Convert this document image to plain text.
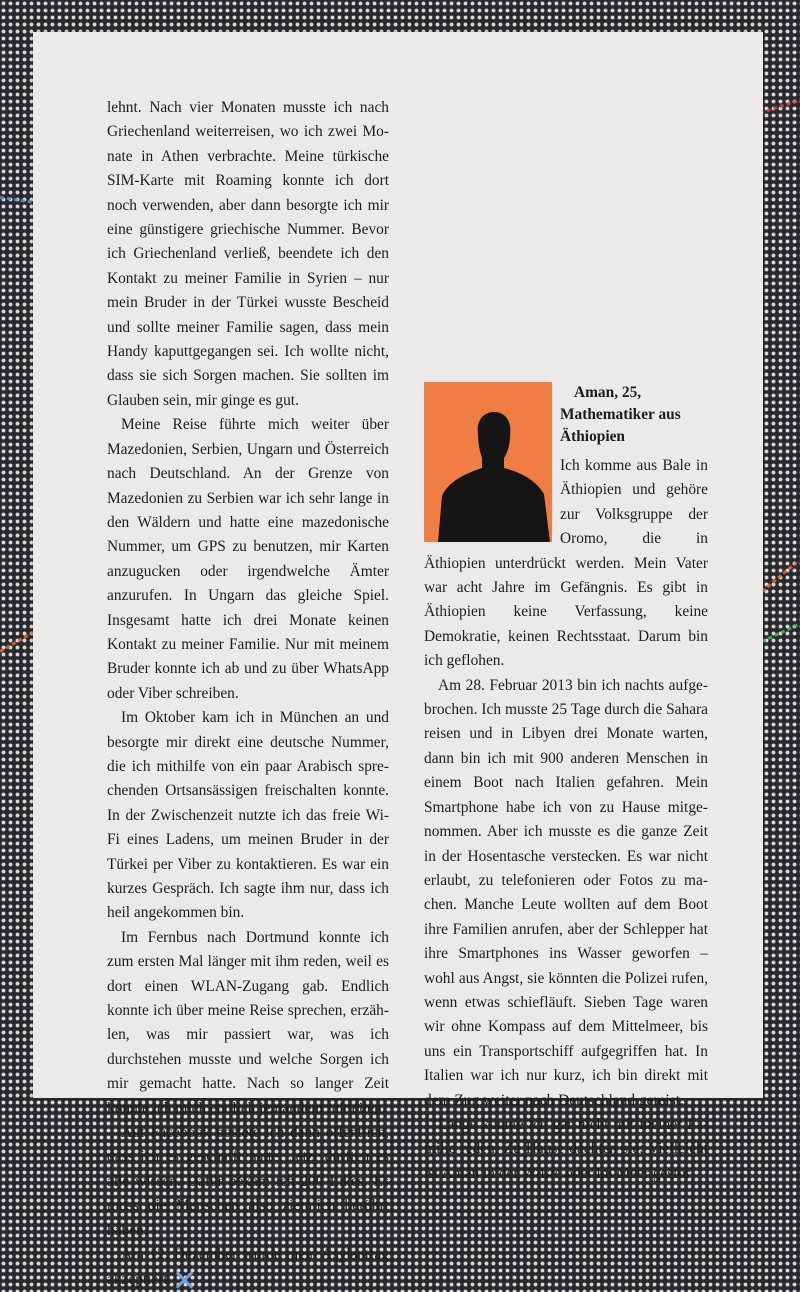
lehnt. Nach vier Monaten musste ich nach Griechenland weiterreisen, wo ich zwei Monate in Athen verbrachte. Meine türkische SIM-Karte mit Roaming konnte ich dort noch verwenden, aber dann besorgte ich mir eine günstigere griechische Nummer. Bevor ich Griechenland verließ, beendete ich den Kontakt zu meiner Familie in Syrien – nur mein Bruder in der Türkei wusste Bescheid und sollte meiner Familie sagen, dass mein Handy kaputtgegangen sei. Ich wollte nicht, dass sie sich Sorgen machen. Sie sollten im Glauben sein, mir ginge es gut.

Meine Reise führte mich weiter über Mazedonien, Serbien, Ungarn und Österreich nach Deutschland. An der Grenze von Mazedonien zu Serbien war ich sehr lange in den Wäldern und hatte eine mazedonische Nummer, um GPS zu benutzen, mir Karten anzugucken oder irgendwelche Ämter anzurufen. In Ungarn das gleiche Spiel. Insgesamt hatte ich drei Monate keinen Kontakt zu meiner Familie. Nur mit meinem Bruder konnte ich ab und zu über WhatsApp oder Viber schreiben.

Im Oktober kam ich in München an und besorgte mir direkt eine deutsche Nummer, die ich mithilfe von ein paar Arabisch sprechenden Ortsansässigen freischalten konnte. In der Zwischenzeit nutzte ich das freie Wi-Fi eines Ladens, um meinen Bruder in der Türkei per Viber zu kontaktieren. Es war ein kurzes Gespräch. Ich sagte ihm nur, dass ich heil angekommen bin.

Im Fernbus nach Dortmund konnte ich zum ersten Mal länger mit ihm reden, weil es dort einen WLAN-Zugang gab. Endlich konnte ich über meine Reise sprechen, erzählen, was mir passiert war, was ich durchstehen musste und welche Sorgen ich mir gemacht hatte. Nach so langer Zeit konnte ich mich endlich jemandem mitteilen.

Auf Facebook postete ich dann öffentlich, dass ich es geschafft hatte. Jetzt durften es alle wissen. Dafür bekam ich 200 Likes. Es muss die Menschen also ziemlich berührt haben.

Am 12. Dezember wurde mein Asylantrag akzeptiert.

Aman, 25,
Mathematiker aus Äthiopien

Ich komme aus Bale in Äthiopien und gehöre zur Volksgruppe der Oromo, die in Äthiopien unterdrückt werden. Mein Vater war acht Jahre im Gefängnis. Es gibt in Äthiopien keine Verfassung, keine Demokratie, keinen Rechtsstaat. Darum bin ich geflohen.

Am 28. Februar 2013 bin ich nachts aufgebrochen. Ich musste 25 Tage durch die Sahara reisen und in Libyen drei Monate warten, dann bin ich mit 900 anderen Menschen in einem Boot nach Italien gefahren. Mein Smartphone habe ich von zu Hause mitgenommen. Aber ich musste es die ganze Zeit in der Hosentasche verstecken. Es war nicht erlaubt, zu telefonieren oder Fotos zu machen. Manche Leute wollten auf dem Boot ihre Familien anrufen, aber der Schlepper hat ihre Smartphones ins Wasser geworfen – wohl aus Angst, sie könnten die Polizei rufen, wenn etwas schiefläuft. Sieben Tage waren wir ohne Kompass auf dem Mittelmeer, bis uns ein Transportschiff aufgegriffen hat. In Italien war ich nur kurz, ich bin direkt mit dem Zug weiter nach Deutschland gereist.

Lange konnte ich gar nicht mit meiner Familie reden. Zu Hause dachten sie: Vielleicht ist Aman in der Wüste oder im Meer gestor
